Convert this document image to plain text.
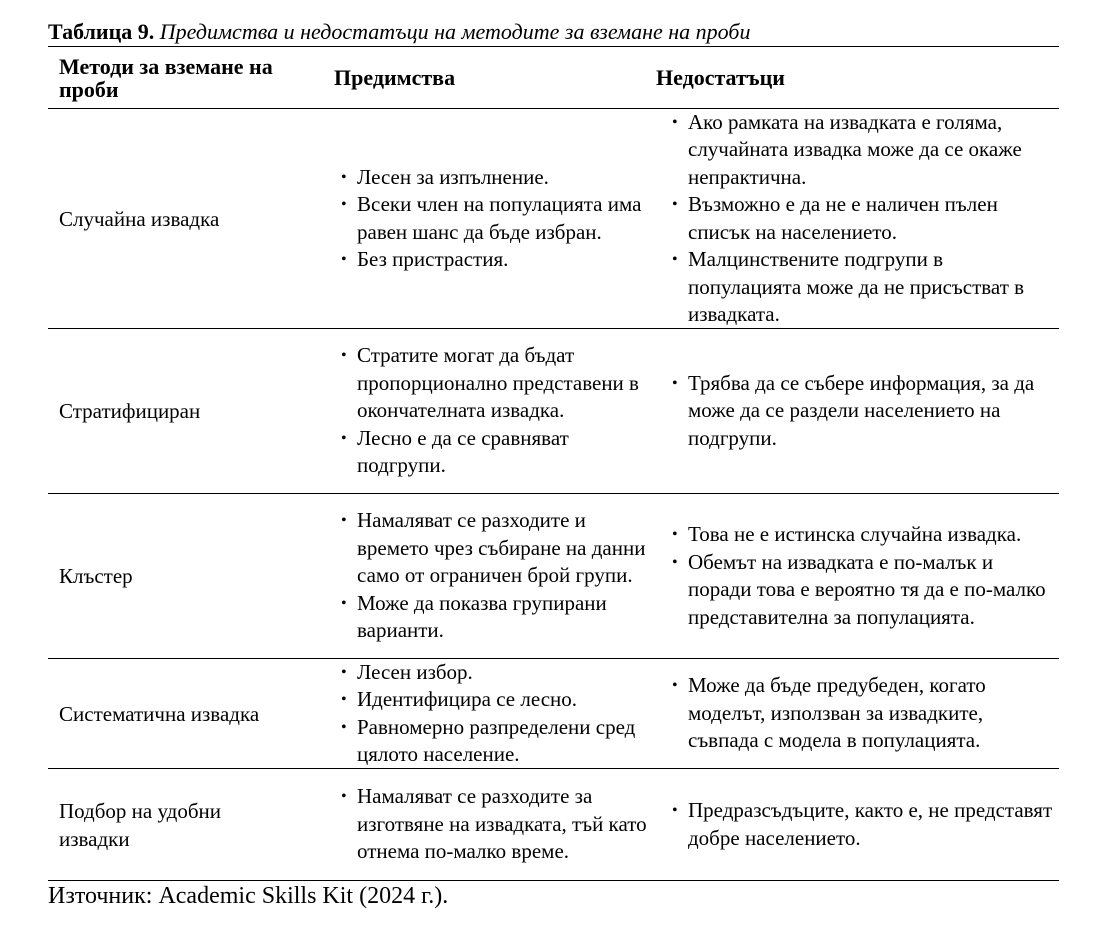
Таблица 9. Предимства и недостатъци на методите за вземане на проби
Методи за вземане на проби	Предимства	Недостатъци
Случайна извадка
• Лесен за изпълнение.
• Всеки член на популацията има равен шанс да бъде избран.
• Без пристрастия.
• Ако рамката на извадката е голяма, случайната извадка може да се окаже непрактична.
• Възможно е да не е наличен пълен списък на населението.
• Малцинствените подгрупи в популацията може да не присъстват в извадката.
Стратифициран
• Стратите могат да бъдат пропорционално представени в окончателната извадка.
• Лесно е да се сравняват подгрупи.
• Трябва да се събере информация, за да може да се раздели населението на подгрупи.
Клъстер
• Намаляват се разходите и времето чрез събиране на данни само от ограничен брой групи.
• Може да показва групирани варианти.
• Това не е истинска случайна извадка.
• Обемът на извадката е по-малък и поради това е вероятно тя да е по-малко представителна за популацията.
Систематична извадка
• Лесен избор.
• Идентифицира се лесно.
• Равномерно разпределени сред цялото население.
• Може да бъде предубеден, когато моделът, използван за извадките, съвпада с модела в популацията.
Подбор на удобни извадки
• Намаляват се разходите за изготвяне на извадката, тъй като отнема по-малко време.
• Предразсъдъците, както е, не представят добре населението.
Източник: Academic Skills Kit (2024 г.).
